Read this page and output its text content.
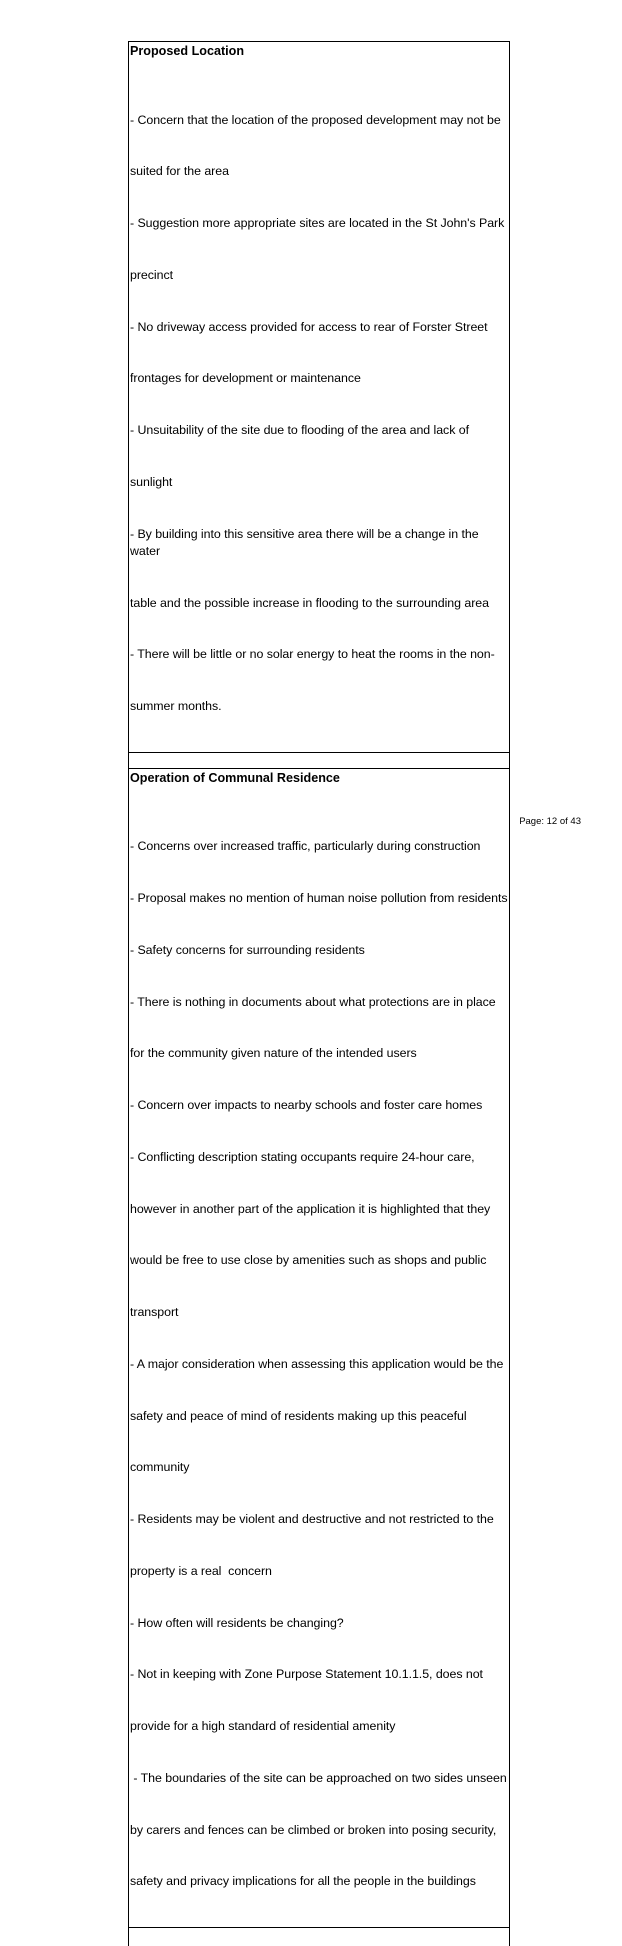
Proposed Location

- Concern that the location of the proposed development may not be

suited for the area

- Suggestion more appropriate sites are located in the St John's Park

precinct

- No driveway access provided for access to rear of Forster Street

frontages for development or maintenance

- Unsuitability of the site due to flooding of the area and lack of

sunlight

- By building into this sensitive area there will be a change in the water

table and the possible increase in flooding to the surrounding area

- There will be little or no solar energy to heat the rooms in the non-

summer months.

Operation of Communal Residence

- Concerns over increased traffic, particularly during construction

- Proposal makes no mention of human noise pollution from residents

- Safety concerns for surrounding residents

- There is nothing in documents about what protections are in place

for the community given nature of the intended users

- Concern over impacts to nearby schools and foster care homes

- Conflicting description stating occupants require 24-hour care,

however in another part of the application it is highlighted that they

would be free to use close by amenities such as shops and public

transport

- A major consideration when assessing this application would be the

safety and peace of mind of residents making up this peaceful

community

- Residents may be violent and destructive and not restricted to the

property is a real  concern

- How often will residents be changing?

- Not in keeping with Zone Purpose Statement 10.1.1.5, does not

provide for a high standard of residential amenity

- The boundaries of the site can be approached on two sides unseen

by carers and fences can be climbed or broken into posing security,

safety and privacy implications for all the people in the buildings

Page: 12 of 43
